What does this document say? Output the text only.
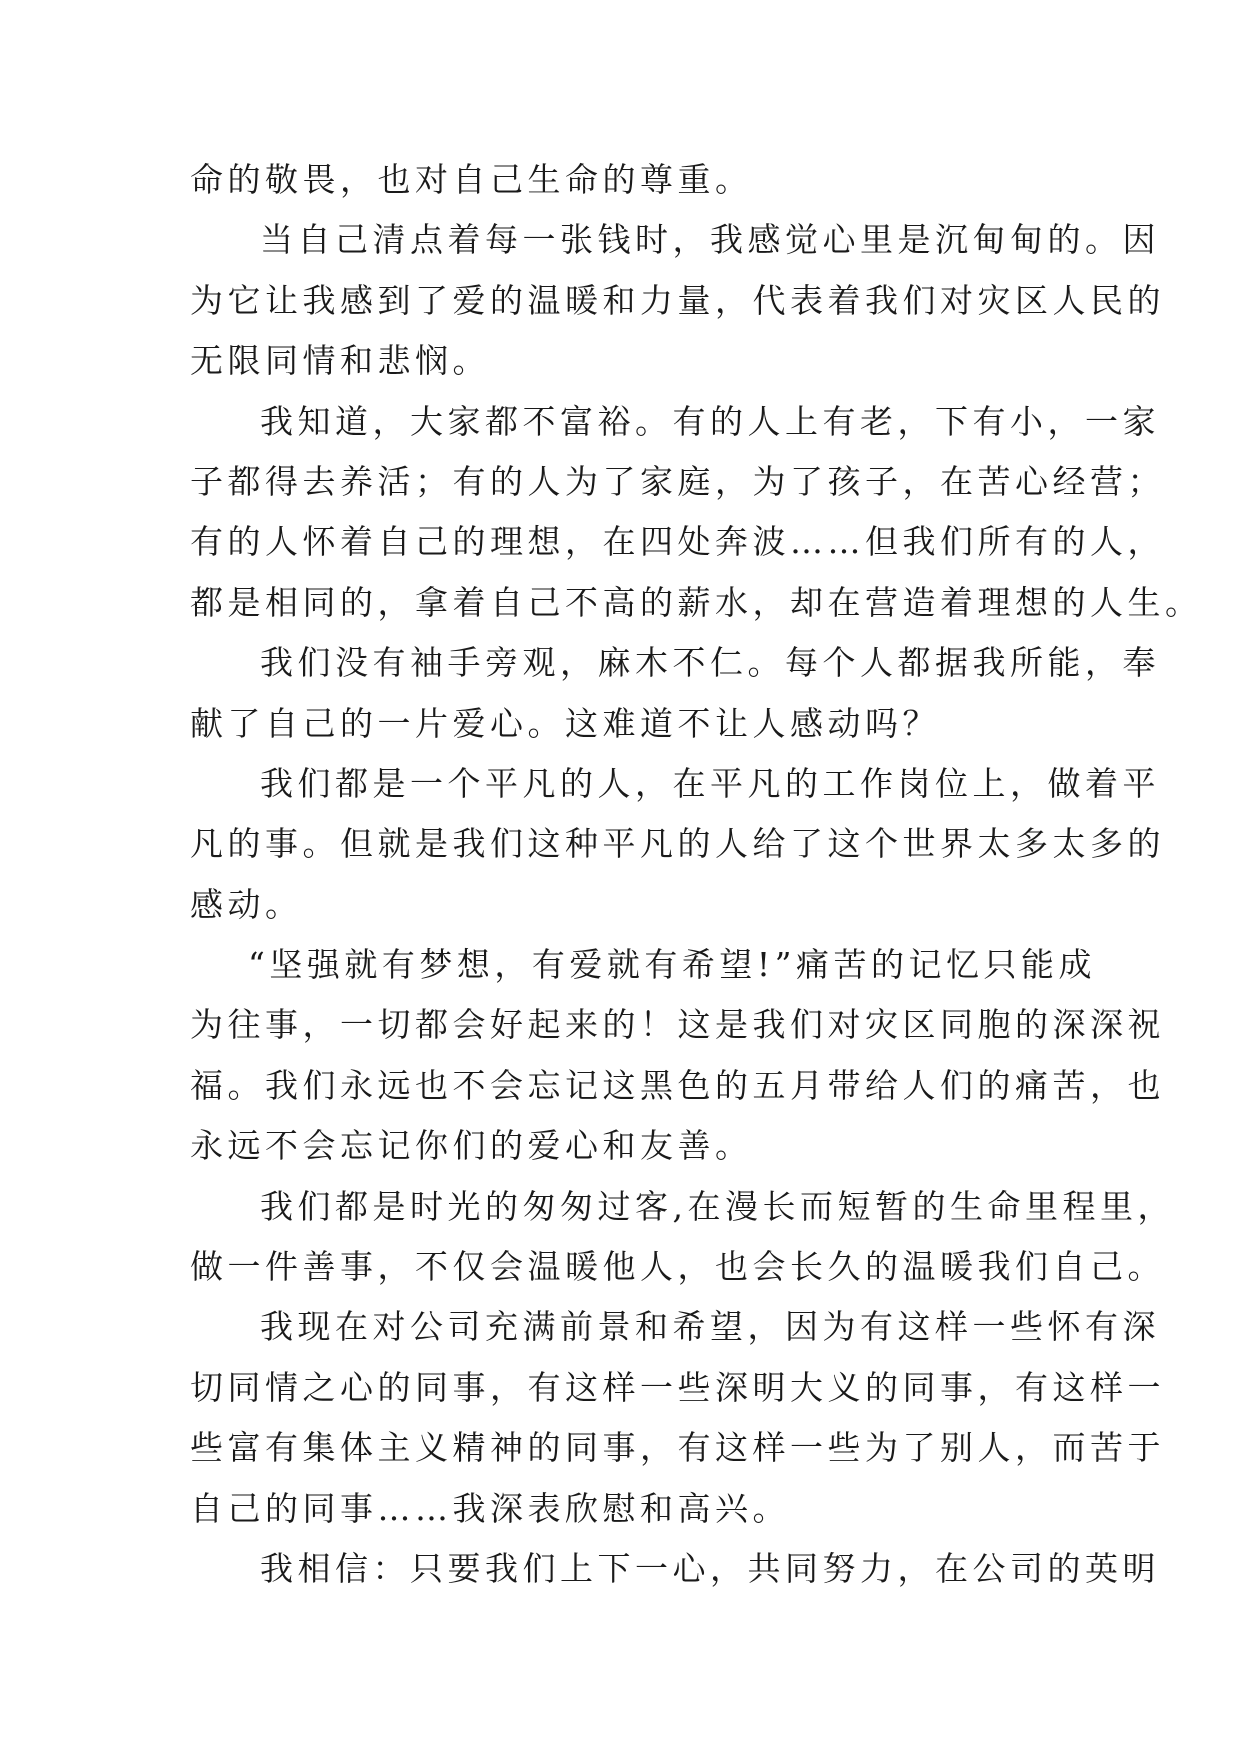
命的敬畏，也对自己生命的尊重。
当自己清点着每一张钱时，我感觉心里是沉甸甸的。因
为它让我感到了爱的温暖和力量，代表着我们对灾区人民的
无限同情和悲悯。
我知道，大家都不富裕。有的人上有老，下有小，一家
子都得去养活；有的人为了家庭，为了孩子，在苦心经营；
有的人怀着自己的理想，在四处奔波……但我们所有的人，
都是相同的，拿着自己不高的薪水，却在营造着理想的人生。
我们没有袖手旁观，麻木不仁。每个人都据我所能，奉
献了自己的一片爱心。这难道不让人感动吗？
我们都是一个平凡的人，在平凡的工作岗位上，做着平
凡的事。但就是我们这种平凡的人给了这个世界太多太多的
感动。
“坚强就有梦想，有爱就有希望!”痛苦的记忆只能成
为往事，一切都会好起来的！这是我们对灾区同胞的深深祝
福。我们永远也不会忘记这黑色的五月带给人们的痛苦，也
永远不会忘记你们的爱心和友善。
我们都是时光的匆匆过客,在漫长而短暂的生命里程里，
做一件善事，不仅会温暖他人，也会长久的温暖我们自己。
我现在对公司充满前景和希望，因为有这样一些怀有深
切同情之心的同事，有这样一些深明大义的同事，有这样一
些富有集体主义精神的同事，有这样一些为了别人，而苦于
自己的同事……我深表欣慰和高兴。
我相信：只要我们上下一心，共同努力，在公司的英明
